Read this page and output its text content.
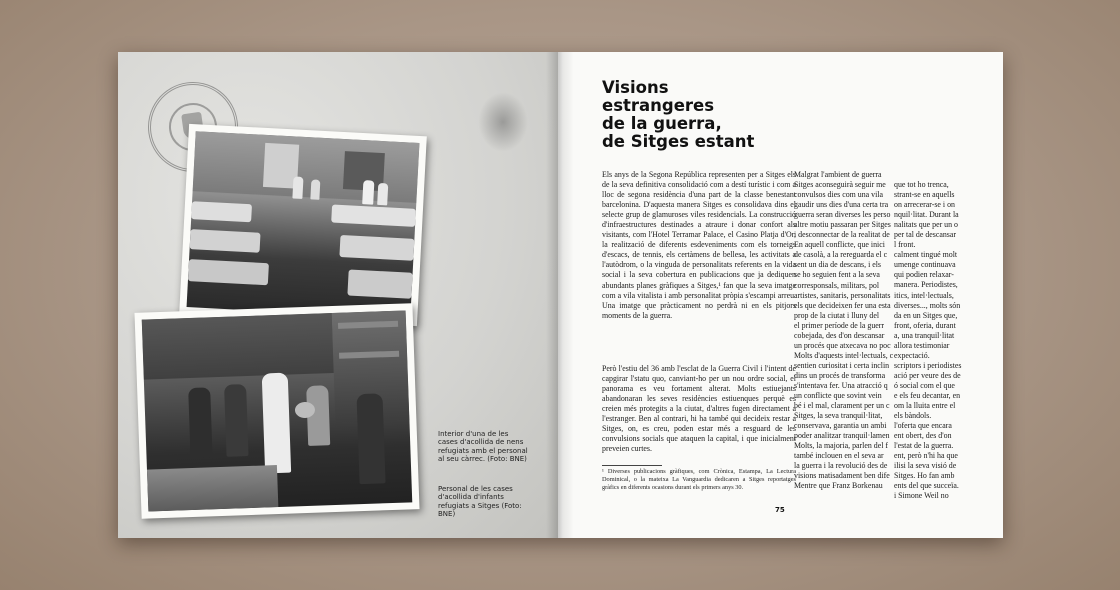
Interior d'una de les cases d'acollida de nens refugiats amb el personal al seu càrrec. (Foto: BNE)
Personal de les cases d'acollida d'infants refugiats a Sitges (Foto: BNE)
Visions
estrangeres
de la guerra,
de Sitges estant

Els anys de la Segona República representen per a Sitges els de la seva definitiva consolidació com a destí turístic i com a lloc de segona residència d'una part de la classe benestant barcelonina. D'aquesta manera Sitges es consolidava dins el selecte grup de glamuroses viles residencials. La construcció d'infraestructures destinades a atraure i donar confort als visitants, com l'Hotel Terramar Palace, el Casino Platja d'Or, la realització de diferents esdeveniments com els torneigs d'escacs, de tennis, els certàmens de bellesa, les activitats a l'autòdrom, o la vinguda de personalitats referents en la vida social i la seva cobertura en publicacions que ja dediquen abundants planes gràfiques a Sitges,¹ fan que la seva imatge com a vila vitalista i amb personalitat pròpia s'escampi arreu. Una imatge que pràcticament no perdrà ni en els pitjors moments de la guerra.

Però l'estiu del 36 amb l'esclat de la Guerra Civil i l'intent de capgirar l'statu quo, canviant-ho per un nou ordre social, el panorama es veu fortament alterat. Molts estiuejants abandonaran les seves residències estiuenques perquè es creien més protegits a la ciutat, d'altres fugen directament a l'estranger. Ben al contrari, hi ha també qui decideix restar a Sitges, on, es creu, poden estar més a resguard de les convulsions socials que ataquen la capital, i que inicialment preveien curtes.

¹ Diverses publicacions gràfiques, com Crònica, Estampa, La Lectura Dominical, o la mateixa La Vanguardia dedicaren a Sitges reportatges gràfics en diferents ocasions durant els primers anys 30.
75
Malgrat l'ambient de guerra
Sitges aconseguirà seguir me
convulsos dies com una vila
gaudir uns dies d'una certa tra
guerra seran diverses les perso
altre motiu passaran per Sitges
i desconnectar de la realitat de
En aquell conflicte, que inici
de casolà, a la rereguarda el c
sent un dia de descans, i els
se ho seguien fent a la seva
corresponsals, militars, pol
artistes, sanitaris, personalitats
els que decideixen fer una esta
prop de la ciutat i lluny del
el primer període de la guerr
cobejada, des d'on descansar
un procés que atxecava no poc
Molts d'aquests intel·lectuals, c
sentien curiositat i certa inclin
dins un procés de transforma
s'intentava fer. Una atracció q
un conflicte que sovint vein
bé i el mal, clarament per un c
Sitges, la seva tranquil·litat,
conservava, garantia un ambi
poder analitzar tranquil·lamen
Molts, la majoria, parlen del f
també inclouen en el seva ar
la guerra i la revolució des de
visions matisadament ben dife
Mentre que Franz Borkenau
que tot ho trenca,
strant-se en aquells
on arrecerar-se i on
nquil·litat. Durant la
nalitats que per un o
per tal de descansar
l front.
calment tingué molt
umenge continuava
qui podien relaxar-
manera. Periodistes,
itics, intel·lectuals,
diverses..., molts són
da en un Sitges que,
front, oferia, durant
a, una tranquil·litat
allora testimoniar
expectació.
scriptors i periodistes
ació per veure des de
ó social com el que
e els feu decantar, en
om la lluita entre el
els bàndols.
l'oferta que encara
ent obert, des d'on
l'estat de la guerra.
ent, però n'hi ha que
ilisi la seva visió de
Sitges. Ho fan amb
ents del que succeïa.
i Simone Weil no
